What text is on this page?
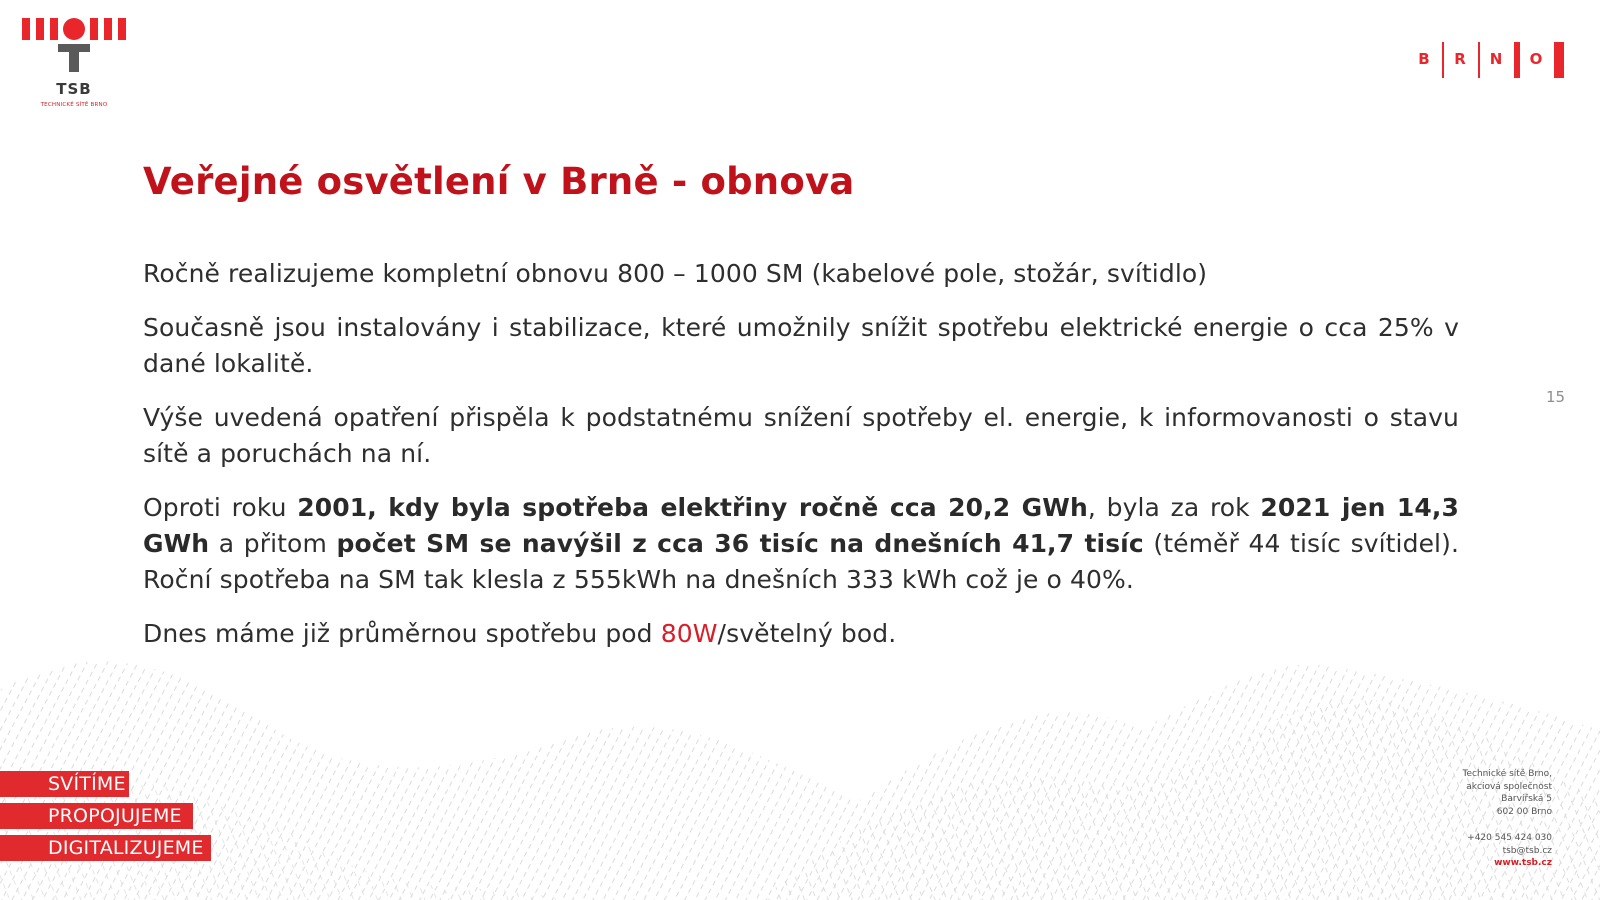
TSB
TECHNICKÉ SÍTĚ BRNO
B R N O
Veřejné osvětlení v Brně - obnova

Ročně realizujeme kompletní obnovu 800 – 1000 SM (kabelové pole, stožár, svítidlo)

Současně jsou instalovány i stabilizace, které umožnily snížit spotřebu elektrické energie o cca 25% v dané lokalitě.

Výše uvedená opatření přispěla k podstatnému snížení spotřeby el. energie, k informovanosti o stavu sítě a poruchách na ní.

Oproti roku 2001, kdy byla spotřeba elektřiny ročně cca 20,2 GWh, byla za rok 2021 jen 14,3 GWh a přitom počet SM se navýšil z cca 36 tisíc na dnešních 41,7 tisíc (téměř 44 tisíc svítidel). Roční spotřeba na SM tak klesla z 555kWh na dnešních 333 kWh což je o 40%.

Dnes máme již průměrnou spotřebu pod 80W/světelný bod.

15
SVÍTÍME
PROPOJUJEME
DIGITALIZUJEME
Technické sítě Brno,
akciová společnost
Barvířská 5
602 00 Brno
+420 545 424 030
tsb@tsb.cz
www.tsb.cz
